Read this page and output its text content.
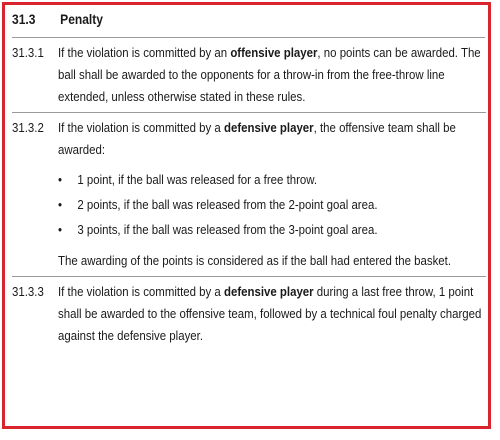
31.3	Penalty
31.3.1	If the violation is committed by an offensive player, no points can be awarded. The ball shall be awarded to the opponents for a throw-in from the free-throw line extended, unless otherwise stated in these rules.

31.3.2	If the violation is committed by a defensive player, the offensive team shall be awarded:

• 1 point, if the ball was released for a free throw.
• 2 points, if the ball was released from the 2-point goal area.
• 3 points, if the ball was released from the 3-point goal area.

The awarding of the points is considered as if the ball had entered the basket.

31.3.3	If the violation is committed by a defensive player during a last free throw, 1 point shall be awarded to the offensive team, followed by a technical foul penalty charged against the defensive player.
